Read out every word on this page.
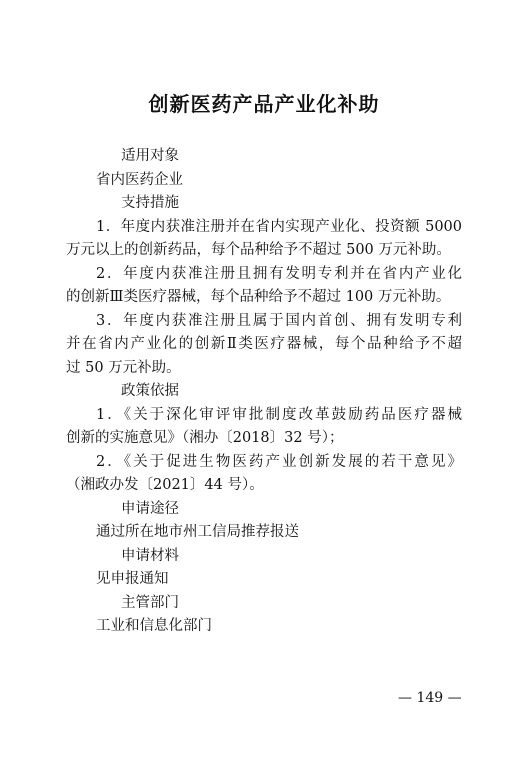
创新医药产品产业化补助
适用对象
省内医药企业
支持措施
1．年度内获准注册并在省内实现产业化、投资额 5000
万元以上的创新药品，每个品种给予不超过 500 万元补助。
2．年度内获准注册且拥有发明专利并在省内产业化
的创新Ⅲ类医疗器械，每个品种给予不超过 100 万元补助。
3．年度内获准注册且属于国内首创、拥有发明专利
并在省内产业化的创新Ⅱ类医疗器械，每个品种给予不超
过 50 万元补助。
政策依据
1．《关于深化审评审批制度改革鼓励药品医疗器械
创新的实施意见》（湘办〔2018〕32 号）；
2．《关于促进生物医药产业创新发展的若干意见》
（湘政办发〔2021〕44 号）。
申请途径
通过所在地市州工信局推荐报送
申请材料
见申报通知
主管部门
工业和信息化部门
— 149 —
